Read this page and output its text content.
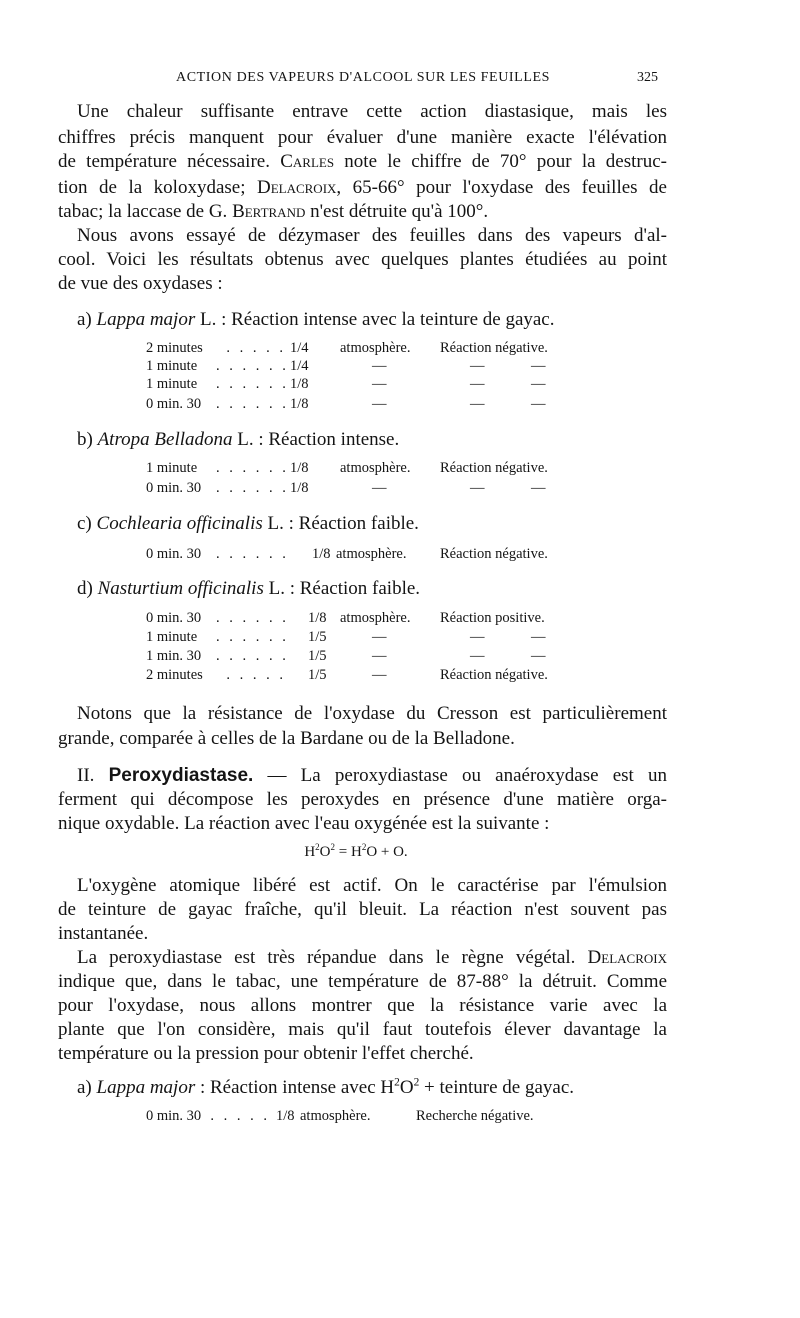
ACTION DES VAPEURS D'ALCOOL SUR LES FEUILLES	325
Une chaleur suffisante entrave cette action diastasique, mais les
chiffres précis manquent pour évaluer d'une manière exacte l'élévation
de température nécessaire. Carles note le chiffre de 70° pour la destruc-
tion de la koloxydase; Delacroix, 65-66° pour l'oxydase des feuilles de
tabac; la laccase de G. Bertrand n'est détruite qu'à 100°.
Nous avons essayé de dézymaser des feuilles dans des vapeurs d'al-
cool. Voici les résultats obtenus avec quelques plantes étudiées au point
de vue des oxydases :
a) Lappa major L. : Réaction intense avec la teinture de gayac.
2 minutes	. . . . . 1/4 atmosphère. Réaction négative.
1 minute . . . . . . 1/4	—	—	—
1 minute . . . . . . 1/8	—	—	—
0 min. 30 . . . . . . 1/8	—	—	—
b) Atropa Belladona L. : Réaction intense.
1 minute . . . . . . 1/8 atmosphère. Réaction négative.
0 min. 30 . . . . . . 1/8	—	—	—
c) Cochlearia officinalis L. : Réaction faible.
0 min. 30 . . . . . . 1/8 atmosphère. Réaction négative.
d) Nasturtium officinalis L. : Réaction faible.
0 min. 30 . . . . . . 1/8 atmosphère. Réaction positive.
1 minute . . . . . . 1/5	—	—	—
1 min. 30 . . . . . . 1/5	—	—	—
2 minutes	. . . . . 1/5	—	Réaction négative.
Notons que la résistance de l'oxydase du Cresson est particulièrement
grande, comparée à celles de la Bardane ou de la Belladone.
II. Peroxydiastase. — La peroxydiastase ou anaéroxydase est un
ferment qui décompose les peroxydes en présence d'une matière orga-
nique oxydable. La réaction avec l'eau oxygénée est la suivante :
$H^2O^2 = H^2O + O$.
L'oxygène atomique libéré est actif. On le caractérise par l'émulsion
de teinture de gayac fraîche, qu'il bleuit. La réaction n'est souvent pas
instantanée.
La peroxydiastase est très répandue dans le règne végétal. Delacroix
indique que, dans le tabac, une température de 87-88° la détruit. Comme
pour l'oxydase, nous allons montrer que la résistance varie avec la
plante que l'on considère, mais qu'il faut toutefois élever davantage la
température ou la pression pour obtenir l'effet cherché.
a) Lappa major : Réaction intense avec $H^2O^2$ + teinture de gayac.
0 min. 30 . . . . . 1/8 atmosphère.	Recherche négative.
